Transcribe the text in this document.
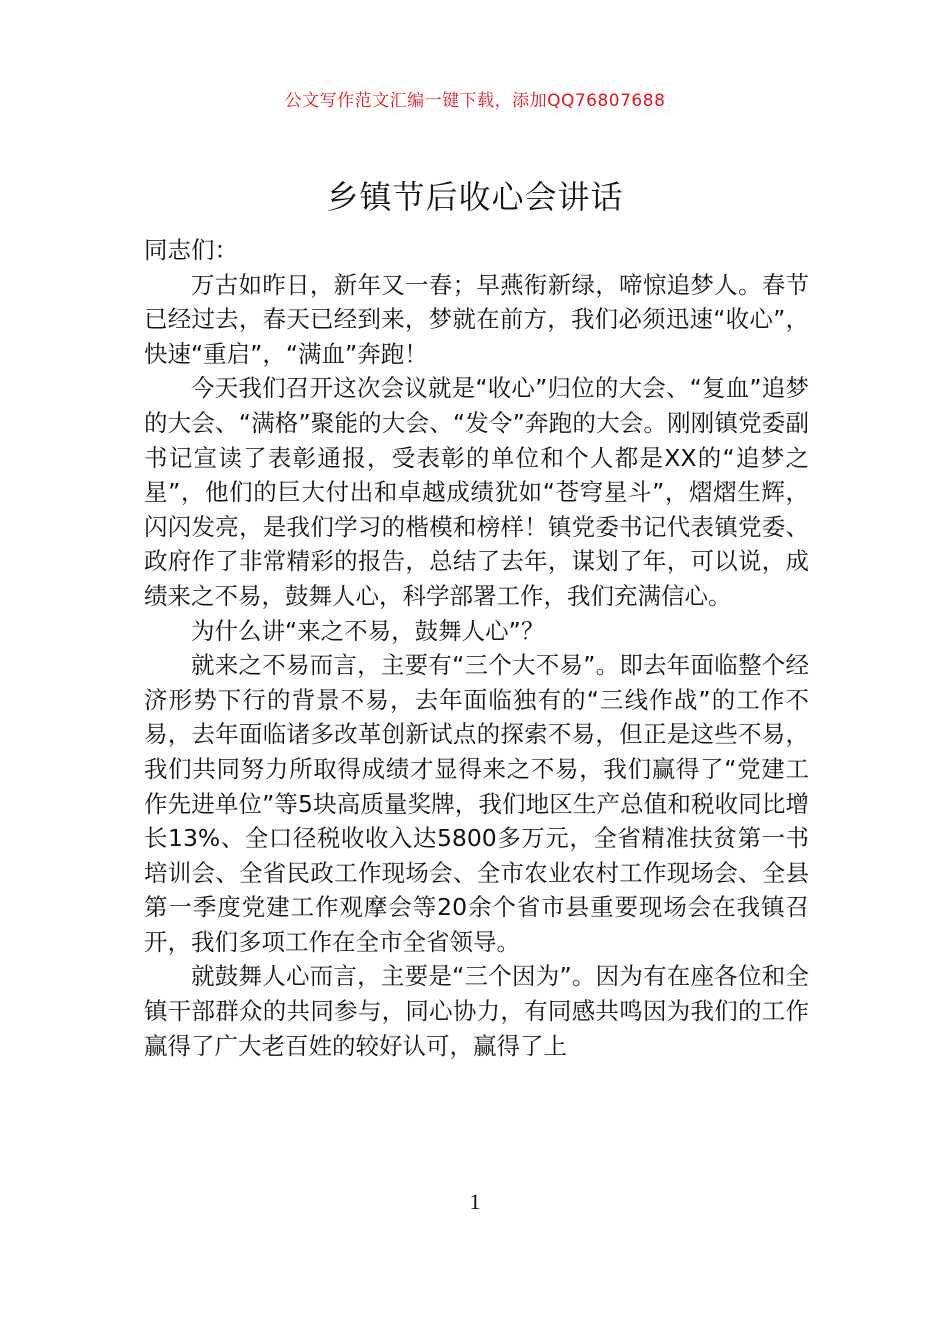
公文写作范文汇编一键下载，添加QQ76807688
乡镇节后收心会讲话

同志们：

万古如昨日，新年又一春；早燕衔新绿，啼惊追梦人。春节已经过去，春天已经到来，梦就在前方，我们必须迅速“收心”，快速“重启”，“满血”奔跑！

今天我们召开这次会议就是“收心”归位的大会、“复血”追梦的大会、“满格”聚能的大会、“发令”奔跑的大会。刚刚镇党委副书记宣读了表彰通报，受表彰的单位和个人都是XX的“追梦之星”，他们的巨大付出和卓越成绩犹如“苍穹星斗”，熠熠生辉，闪闪发亮，是我们学习的楷模和榜样！镇党委书记代表镇党委、政府作了非常精彩的报告，总结了去年，谋划了年，可以说，成绩来之不易，鼓舞人心，科学部署工作，我们充满信心。

为什么讲“来之不易，鼓舞人心”？

就来之不易而言，主要有“三个大不易”。即去年面临整个经济形势下行的背景不易，去年面临独有的“三线作战”的工作不易，去年面临诸多改革创新试点的探索不易，但正是这些不易，我们共同努力所取得成绩才显得来之不易，我们赢得了“党建工作先进单位”等5块高质量奖牌，我们地区生产总值和税收同比增长13%、全口径税收收入达5800多万元，全省精准扶贫第一书培训会、全省民政工作现场会、全市农业农村工作现场会、全县第一季度党建工作观摩会等20余个省市县重要现场会在我镇召开，我们多项工作在全市全省领导。

就鼓舞人心而言，主要是“三个因为”。因为有在座各位和全镇干部群众的共同参与，同心协力，有同感共鸣因为我们的工作赢得了广大老百姓的较好认可，赢得了上

1
